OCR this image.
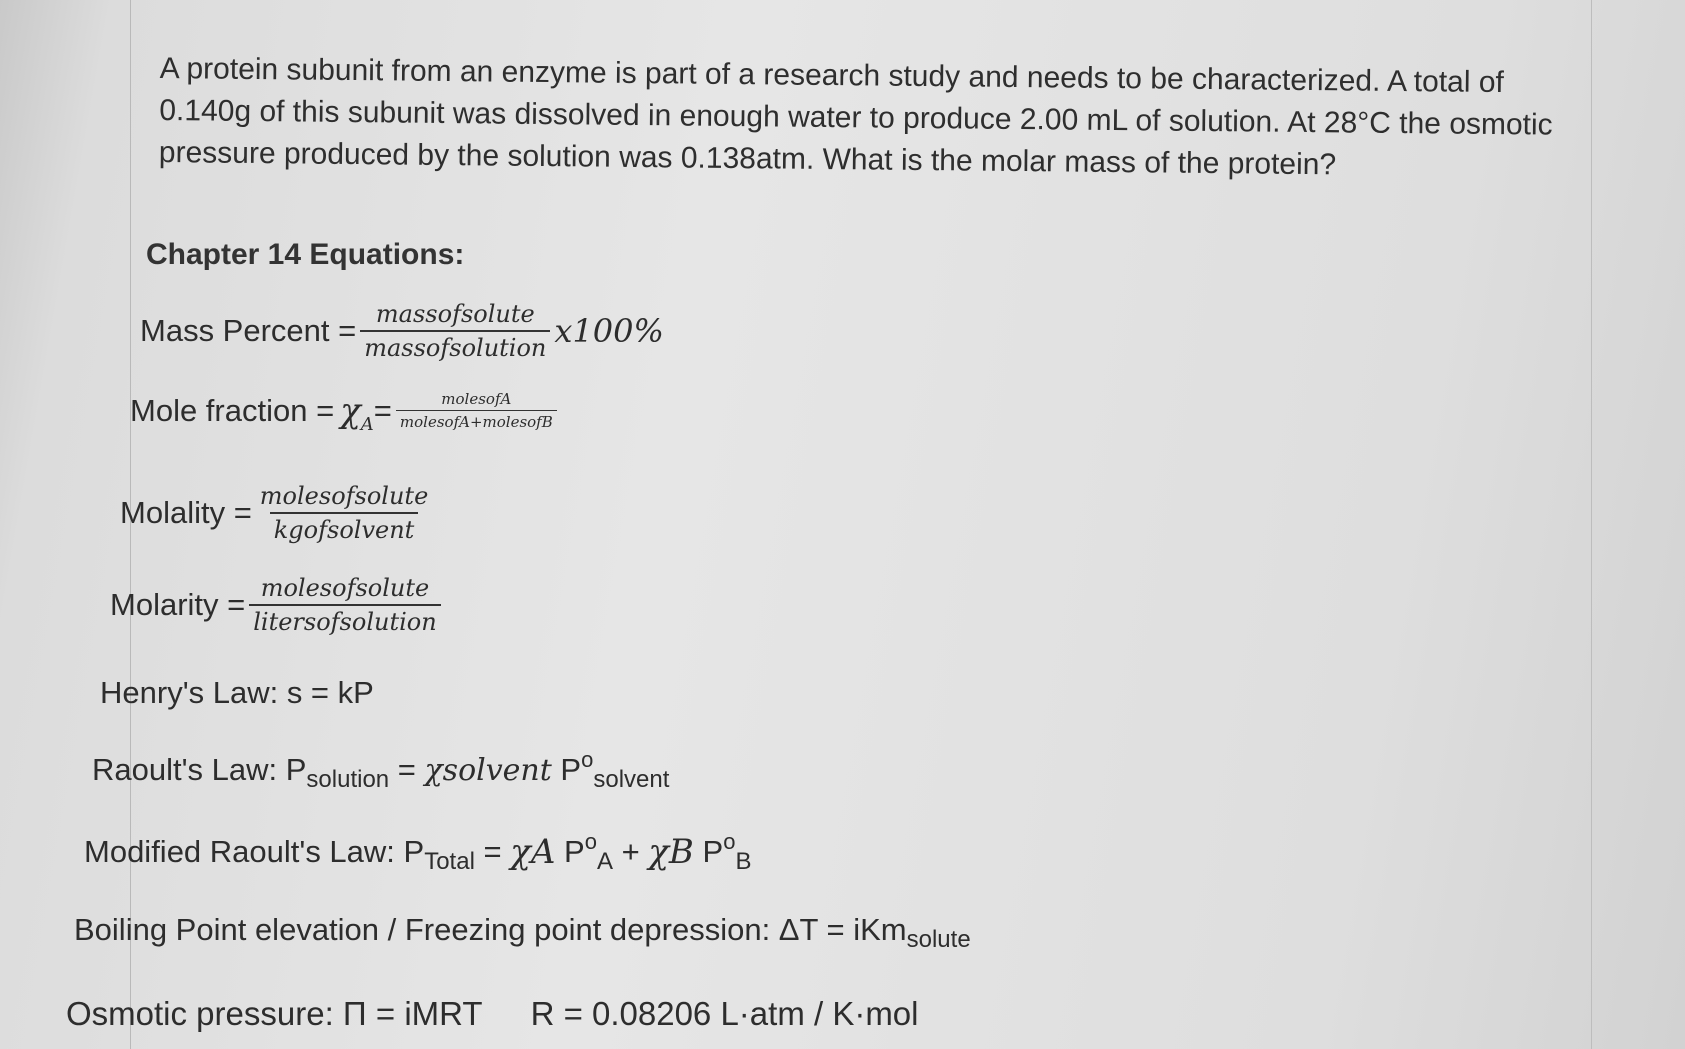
A protein subunit from an enzyme is part of a research study and needs to be characterized. A total of 0.140g of this subunit was dissolved in enough water to produce 2.00 mL of solution. At 28°C the osmotic pressure produced by the solution was 0.138atm. What is the molar mass of the protein?
Chapter 14 Equations:
Mass Percent = $\frac{\text{massofsolute}}{\text{massofsolution}} x100\%$
Mole fraction = χ $A = \frac{\text{molesofA}}{\text{molesofA+molesofB}}$
Molality = $\frac{\text{molesofsolute}}{\text{kgofsolvent}}$
Molarity = $\frac{\text{molesofsolute}}{\text{litersofsolution}}$
Henry's Law: s = kP
Raoult's Law: P solution = χsolvent P o
solvent
Modified Raoult's Law: P Total = χA P o
A + χB P o
B
Boiling Point elevation / Freezing point depression: ΔT = iKm solute
Osmotic pressure: Π = iMRT R = 0.08206 L·atm / K·mol
